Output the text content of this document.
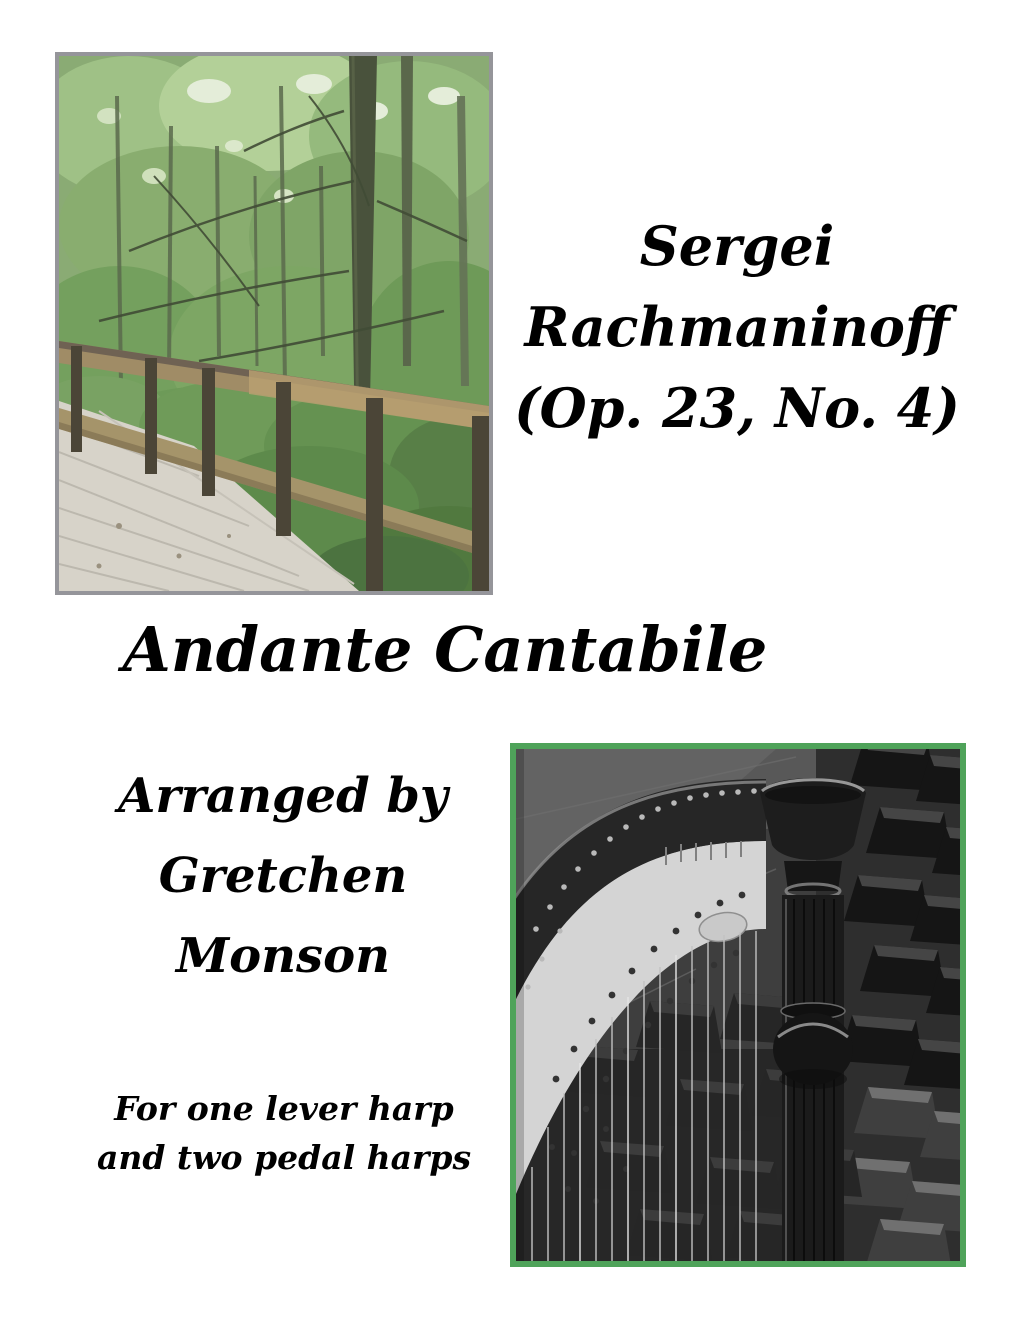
Sergei
Rachmaninoff
(Op. 23, No. 4)
Andante Cantabile
Arranged by
Gretchen
Monson
For one lever harp
and two pedal harps
